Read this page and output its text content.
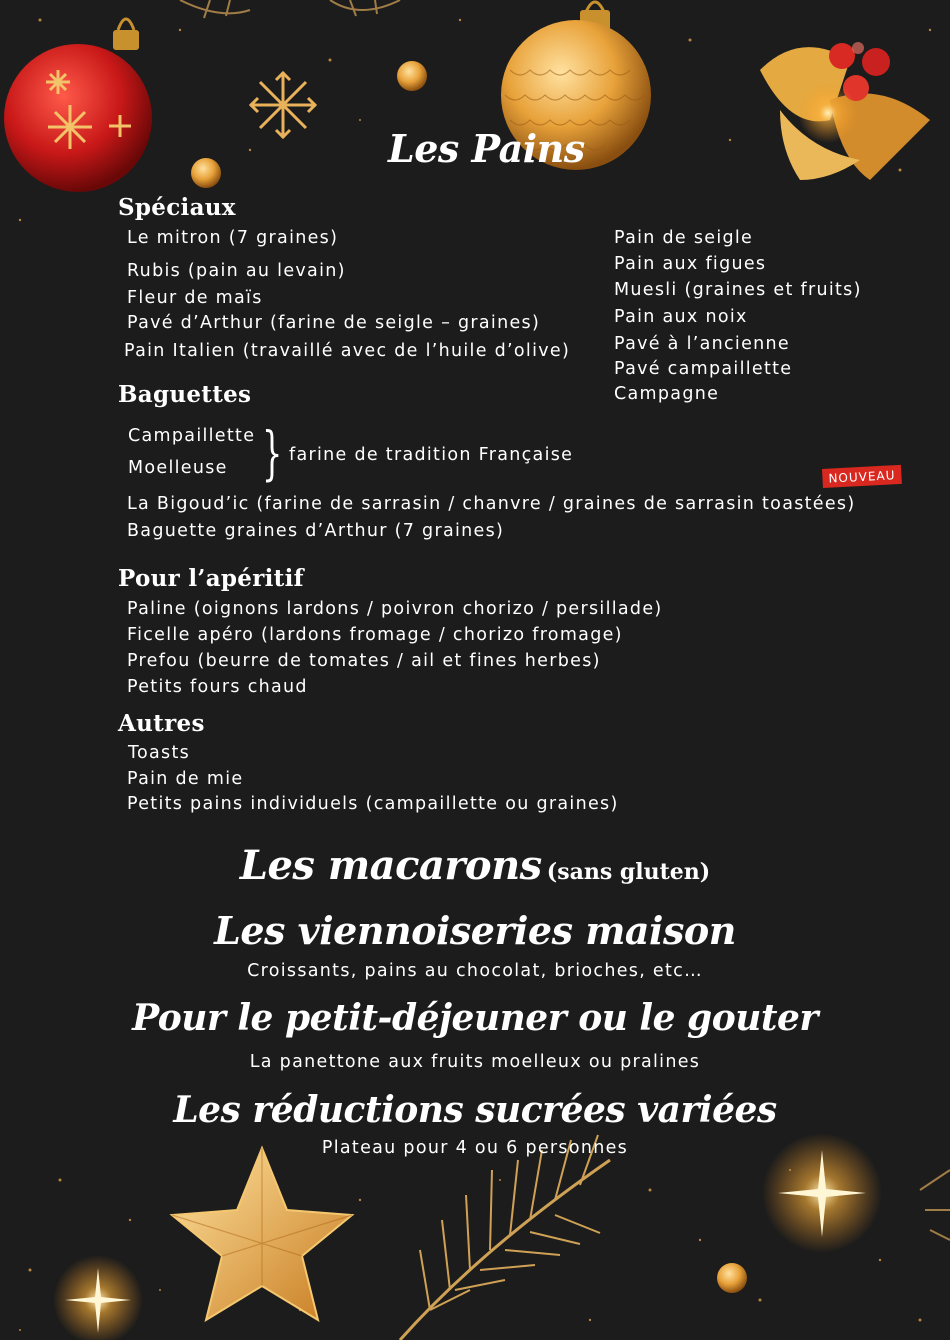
Les Pains
Spéciaux
Le mitron (7 graines)
Rubis (pain au levain)
Fleur de maïs
Pavé d’Arthur (farine de seigle – graines)
Pain Italien (travaillé avec de l’huile d’olive)
Pain de seigle
Pain aux figues
Muesli (graines et fruits)
Pain aux noix
Pavé à l’ancienne
Pavé campaillette
Campagne
Baguettes
Campaillette
Moelleuse } farine de tradition Française
NOUVEAU
La Bigoud’ic (farine de sarrasin / chanvre / graines de sarrasin toastées)
Baguette graines d’Arthur (7 graines)
Pour l’apéritif
Paline (oignons lardons / poivron chorizo / persillade)
Ficelle apéro (lardons fromage / chorizo fromage)
Prefou (beurre de tomates / ail et fines herbes)
Petits fours chaud
Autres
Toasts
Pain de mie
Petits pains individuels (campaillette ou graines)
Les macarons (sans gluten)
Les viennoiseries maison
Croissants, pains au chocolat, brioches, etc…
Pour le petit-déjeuner ou le gouter
La panettone aux fruits moelleux ou pralines
Les réductions sucrées variées
Plateau pour 4 ou 6 personnes
